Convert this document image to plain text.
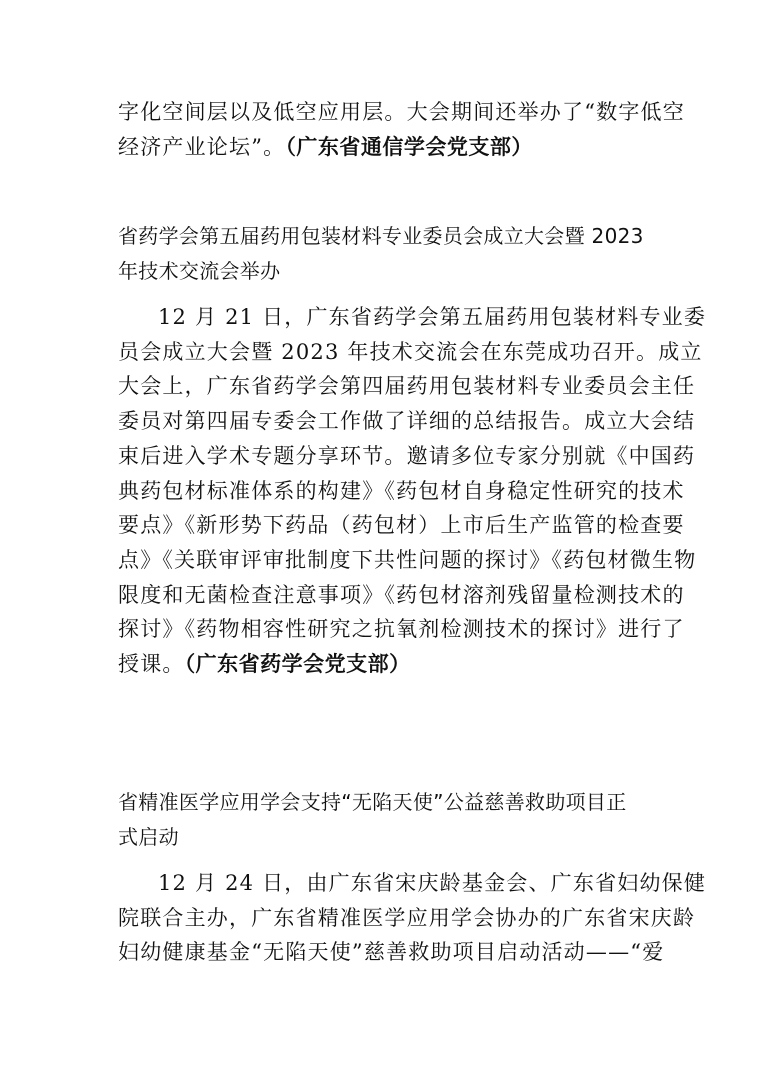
字化空间层以及低空应用层。大会期间还举办了“数字低空
经济产业论坛”。（广东省通信学会党支部）
省药学会第五届药用包装材料专业委员会成立大会暨 2023
年技术交流会举办
12 月 21 日，广东省药学会第五届药用包装材料专业委
员会成立大会暨 2023 年技术交流会在东莞成功召开。成立
大会上，广东省药学会第四届药用包装材料专业委员会主任
委员对第四届专委会工作做了详细的总结报告。成立大会结
束后进入学术专题分享环节。邀请多位专家分别就《中国药
典药包材标准体系的构建》《药包材自身稳定性研究的技术
要点》《新形势下药品（药包材）上市后生产监管的检查要
点》《关联审评审批制度下共性问题的探讨》《药包材微生物
限度和无菌检查注意事项》《药包材溶剂残留量检测技术的
探讨》《药物相容性研究之抗氧剂检测技术的探讨》进行了
授课。（广东省药学会党支部）
省精准医学应用学会支持“无陷天使”公益慈善救助项目正
式启动
12 月 24 日，由广东省宋庆龄基金会、广东省妇幼保健
院联合主办，广东省精准医学应用学会协办的广东省宋庆龄
妇幼健康基金“无陷天使”慈善救助项目启动活动——“爱
